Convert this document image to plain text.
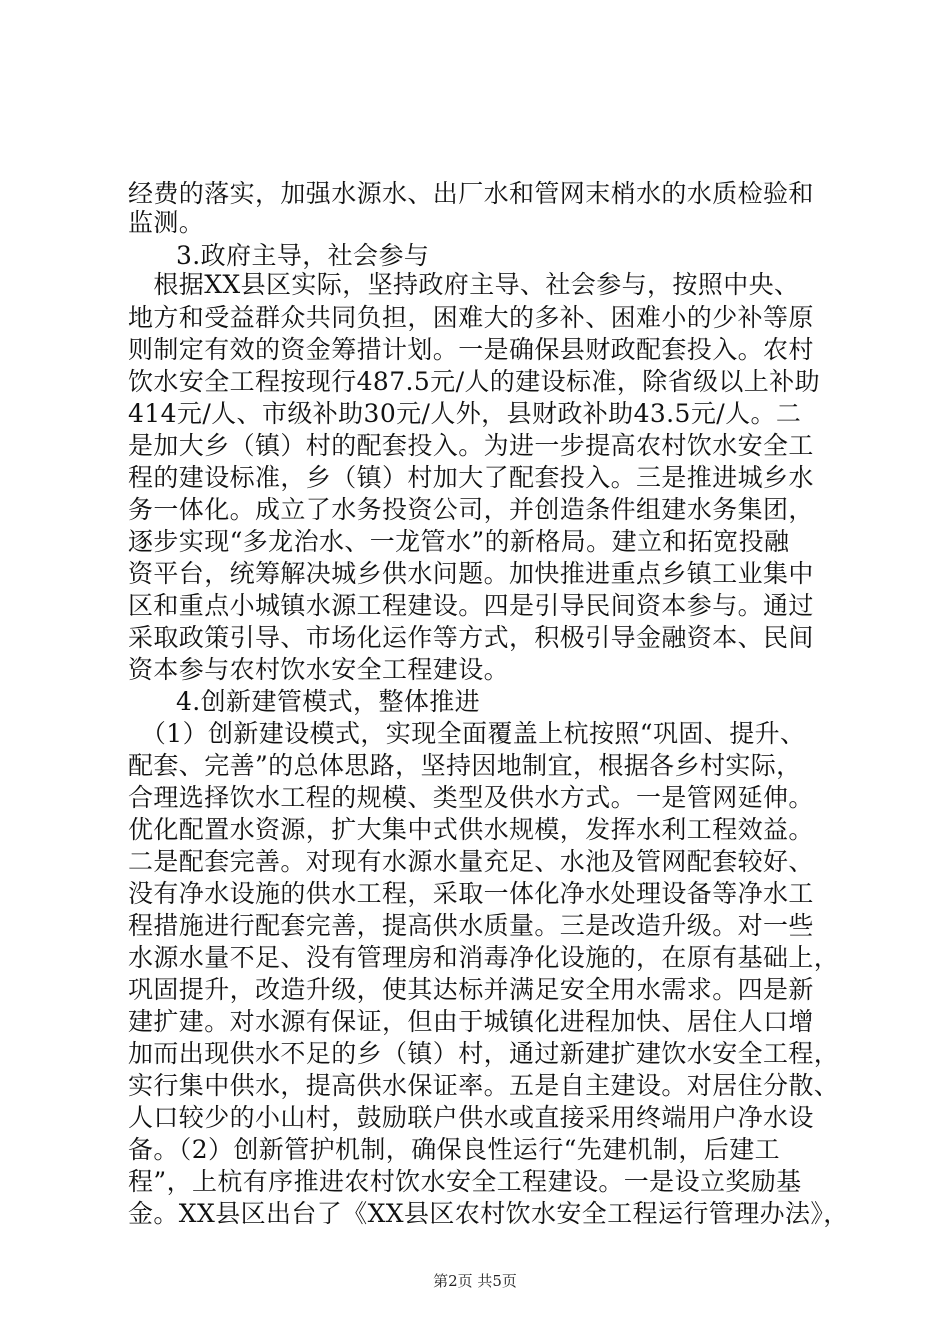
经费的落实，加强水源水、出厂水和管网末梢水的水质检验和
监测。
3.政府主导，社会参与
　根据XX县区实际，坚持政府主导、社会参与，按照中央、
地方和受益群众共同负担，困难大的多补、困难小的少补等原
则制定有效的资金筹措计划。一是确保县财政配套投入。农村
饮水安全工程按现行487.5元/人的建设标准，除省级以上补助
414元/人、市级补助30元/人外，县财政补助43.5元/人。二
是加大乡（镇）村的配套投入。为进一步提高农村饮水安全工
程的建设标准，乡（镇）村加大了配套投入。三是推进城乡水
务一体化。成立了水务投资公司，并创造条件组建水务集团，
逐步实现“多龙治水、一龙管水”的新格局。建立和拓宽投融
资平台，统筹解决城乡供水问题。加快推进重点乡镇工业集中
区和重点小城镇水源工程建设。四是引导民间资本参与。通过
采取政策引导、市场化运作等方式，积极引导金融资本、民间
资本参与农村饮水安全工程建设。
4.创新建管模式，整体推进
　（1）创新建设模式，实现全面覆盖上杭按照“巩固、提升、
配套、完善”的总体思路，坚持因地制宜，根据各乡村实际，
合理选择饮水工程的规模、类型及供水方式。一是管网延伸。
优化配置水资源，扩大集中式供水规模，发挥水利工程效益。
二是配套完善。对现有水源水量充足、水池及管网配套较好、
没有净水设施的供水工程，采取一体化净水处理设备等净水工
程措施进行配套完善，提高供水质量。三是改造升级。对一些
水源水量不足、没有管理房和消毒净化设施的，在原有基础上，
巩固提升，改造升级，使其达标并满足安全用水需求。四是新
建扩建。对水源有保证，但由于城镇化进程加快、居住人口增
加而出现供水不足的乡（镇）村，通过新建扩建饮水安全工程，
实行集中供水，提高供水保证率。五是自主建设。对居住分散、
人口较少的小山村，鼓励联户供水或直接采用终端用户净水设
备。（2）创新管护机制，确保良性运行“先建机制，后建工
程”，上杭有序推进农村饮水安全工程建设。一是设立奖励基
金。XX县区出台了《XX县区农村饮水安全工程运行管理办法》，
第2页 共5页
